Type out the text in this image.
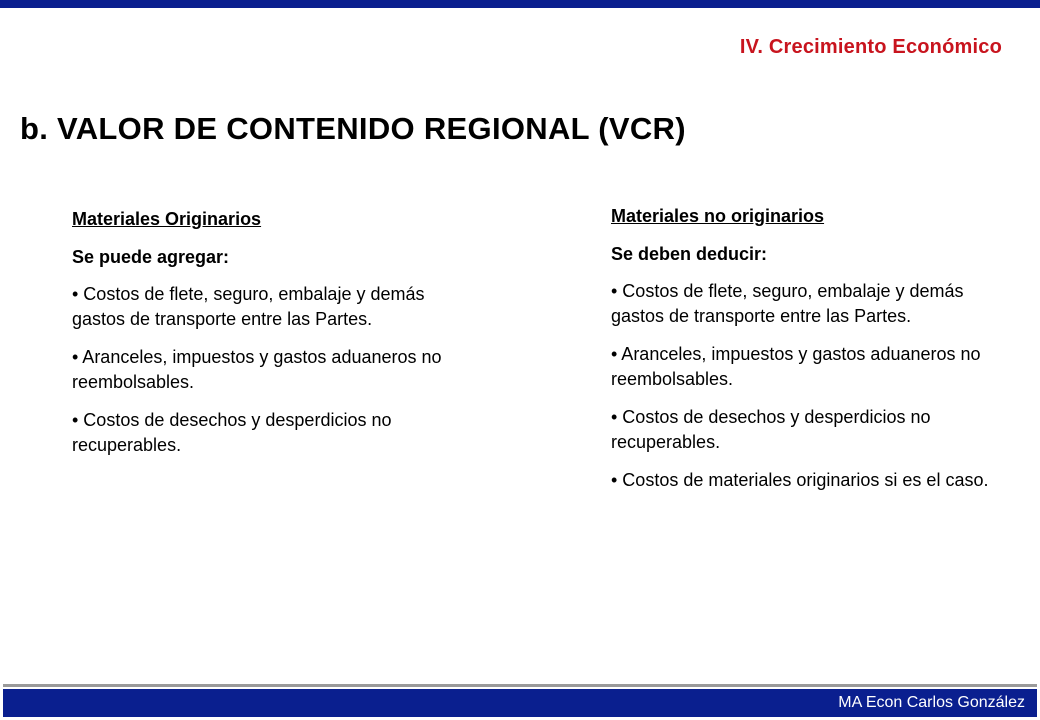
IV. Crecimiento Económico
b. VALOR DE CONTENIDO REGIONAL (VCR)
Materiales Originarios
Se puede agregar:
• Costos de flete, seguro, embalaje y demás gastos de transporte entre las Partes.
• Aranceles, impuestos y gastos aduaneros no reembolsables.
• Costos de desechos y desperdicios no recuperables.
Materiales no originarios
Se deben deducir:
• Costos de flete, seguro, embalaje y demás gastos de transporte entre las Partes.
• Aranceles, impuestos y gastos aduaneros no reembolsables.
• Costos de desechos y desperdicios no recuperables.
• Costos de materiales originarios si es el caso.
MA Econ Carlos González
